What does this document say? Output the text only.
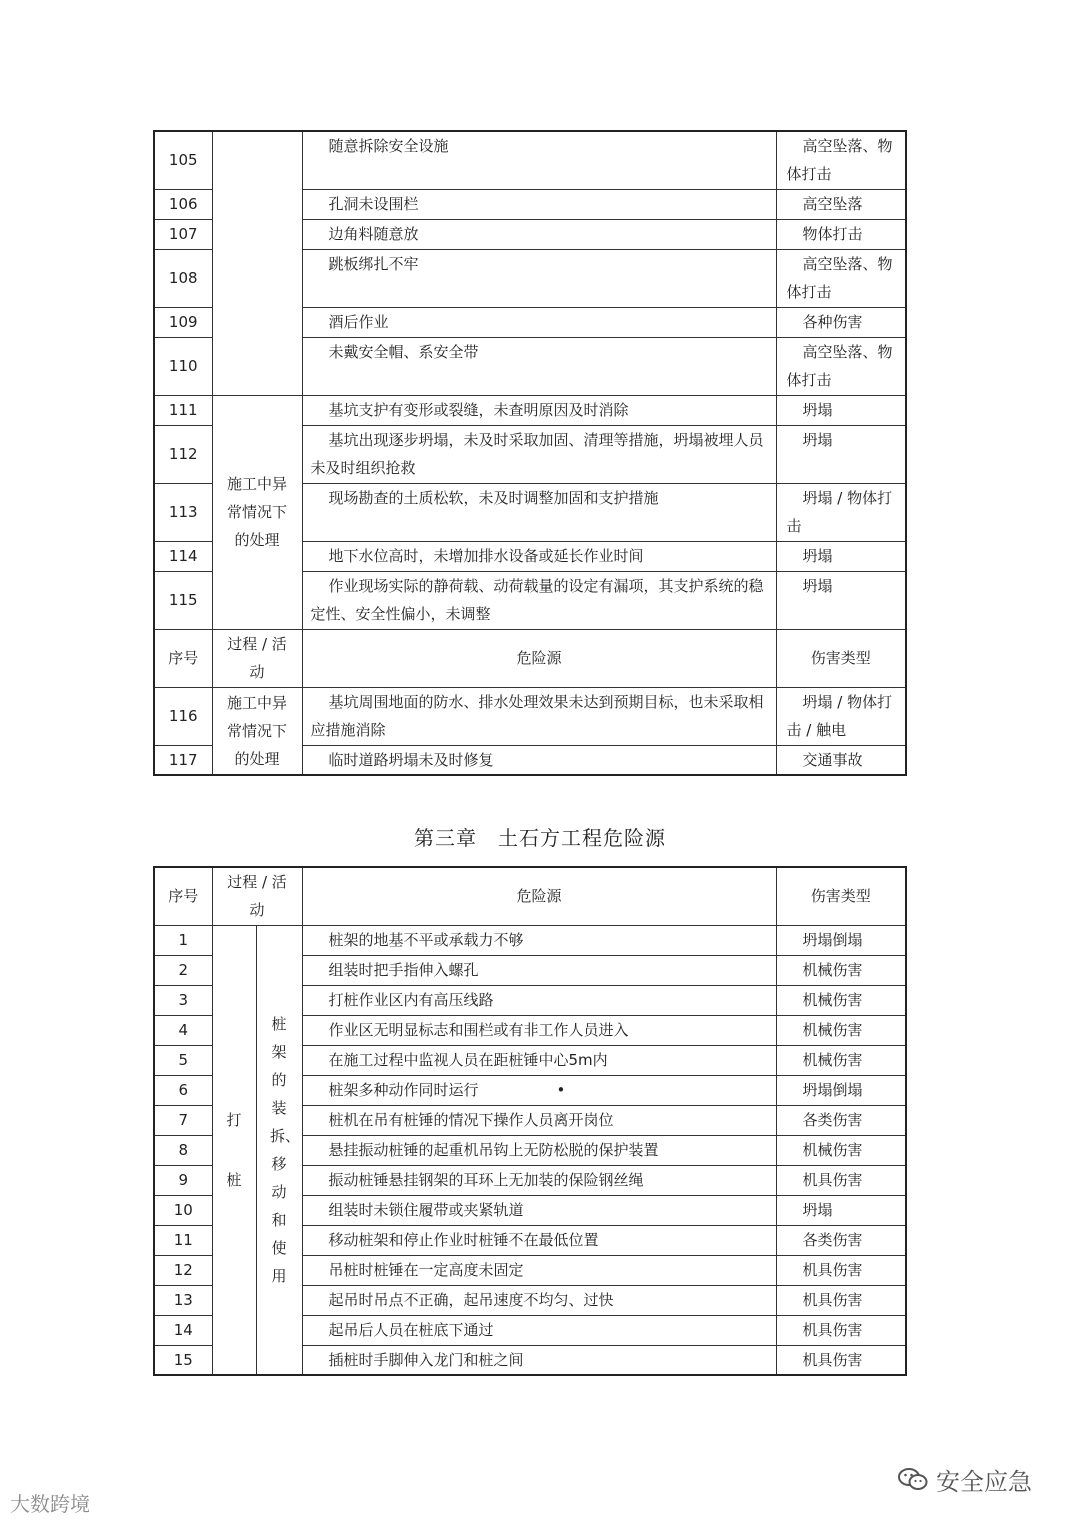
105		随意拆除安全设施	高空坠落、物体打击
106		孔洞未设围栏	高空坠落
107		边角料随意放	物体打击
108		跳板绑扎不牢	高空坠落、物体打击
109		酒后作业	各种伤害
110		未戴安全帽、系安全带	高空坠落、物体打击
111	施工中异常情况下的处理	基坑支护有变形或裂缝，未查明原因及时消除	坍塌
112		基坑出现逐步坍塌，未及时采取加固、清理等措施，坍塌被埋人员未及时组织抢救	坍塌
113		现场勘查的土质松软，未及时调整加固和支护措施	坍塌 / 物体打击
114		地下水位高时，未增加排水设备或延长作业时间	坍塌
115		作业现场实际的静荷载、动荷载量的设定有漏项，其支护系统的稳定性、安全性偏小，未调整	坍塌
序号	过程 / 活动	危险源	伤害类型
116	施工中异常情况下的处理	基坑周围地面的防水、排水处理效果未达到预期目标，也未采取相应措施消除	坍塌 / 物体打击 / 触电
117		临时道路坍塌未及时修复	交通事故
第三章　土石方工程危险源
序号	过程 / 活动		危险源	伤害类型
1	打桩	桩架的装拆、移动和使用	桩架的地基不平或承载力不够	坍塌倒塌
2			组装时把手指伸入螺孔	机械伤害
3			打桩作业区内有高压线路	机械伤害
4			作业区无明显标志和围栏或有非工作人员进入	机械伤害
5			在施工过程中监视人员在距桩锤中心5m内	机械伤害
6			桩架多种动作同时运行 •	坍塌倒塌
7			桩机在吊有桩锤的情况下操作人员离开岗位	各类伤害
8			悬挂振动桩锤的起重机吊钩上无防松脱的保护装置	机械伤害
9			振动桩锤悬挂钢架的耳环上无加装的保险钢丝绳	机具伤害
10			组装时未锁住履带或夹紧轨道	坍塌
11			移动桩架和停止作业时桩锤不在最低位置	各类伤害
12			吊桩时桩锤在一定高度未固定	机具伤害
13			起吊时吊点不正确，起吊速度不均匀、过快	机具伤害
14			起吊后人员在桩底下通过	机具伤害
15			插桩时手脚伸入龙门和桩之间	机具伤害
大数跨境
安全应急
